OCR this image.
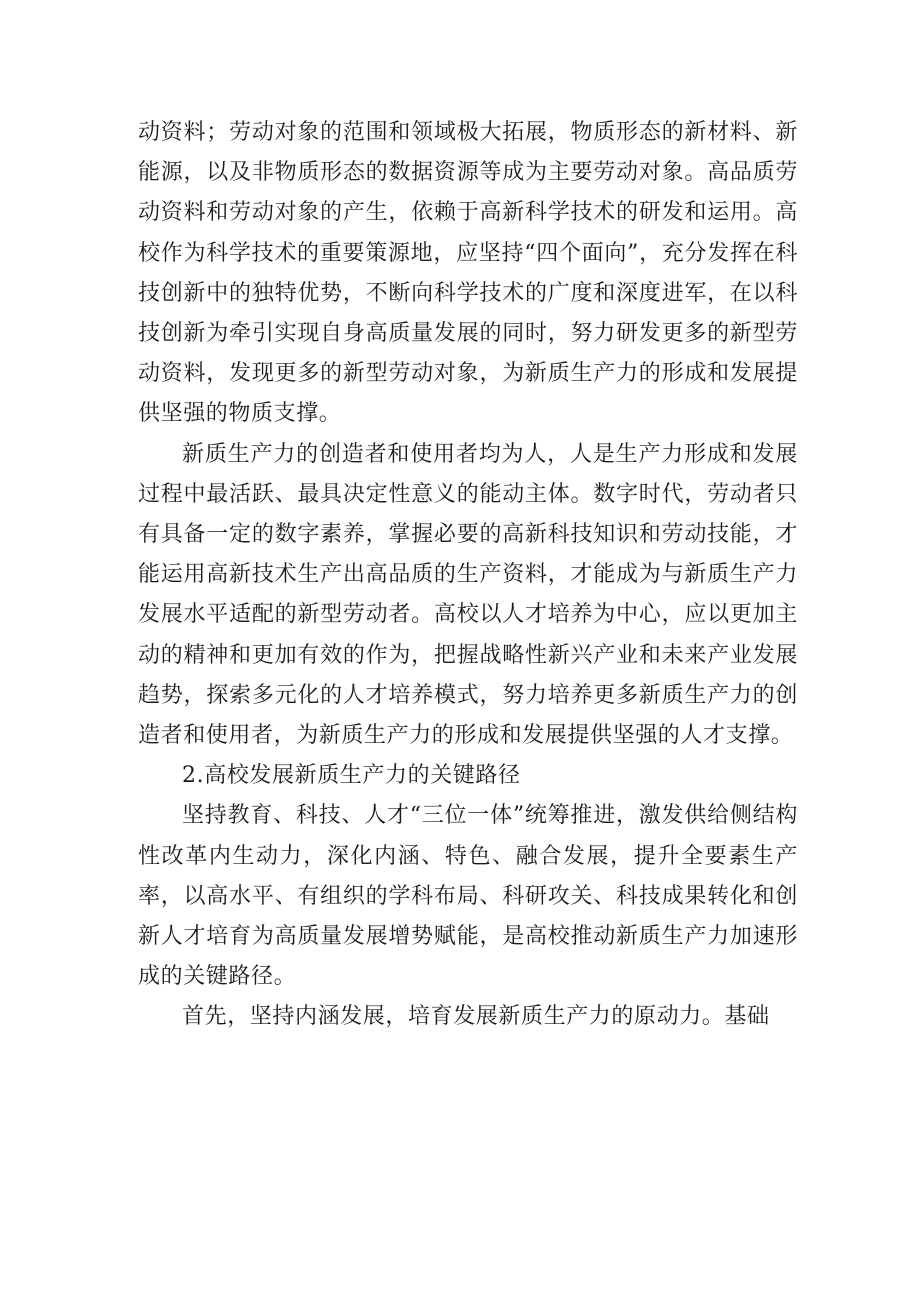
动资料；劳动对象的范围和领域极大拓展，物质形态的新材料、新能源，以及非物质形态的数据资源等成为主要劳动对象。高品质劳动资料和劳动对象的产生，依赖于高新科学技术的研发和运用。高校作为科学技术的重要策源地，应坚持“四个面向”，充分发挥在科技创新中的独特优势，不断向科学技术的广度和深度进军，在以科技创新为牵引实现自身高质量发展的同时，努力研发更多的新型劳动资料，发现更多的新型劳动对象，为新质生产力的形成和发展提供坚强的物质支撑。

新质生产力的创造者和使用者均为人，人是生产力形成和发展过程中最活跃、最具决定性意义的能动主体。数字时代，劳动者只有具备一定的数字素养，掌握必要的高新科技知识和劳动技能，才能运用高新技术生产出高品质的生产资料，才能成为与新质生产力发展水平适配的新型劳动者。高校以人才培养为中心，应以更加主动的精神和更加有效的作为，把握战略性新兴产业和未来产业发展趋势，探索多元化的人才培养模式，努力培养更多新质生产力的创造者和使用者，为新质生产力的形成和发展提供坚强的人才支撑。

2.高校发展新质生产力的关键路径

坚持教育、科技、人才“三位一体”统筹推进，激发供给侧结构性改革内生动力，深化内涵、特色、融合发展，提升全要素生产率，以高水平、有组织的学科布局、科研攻关、科技成果转化和创新人才培育为高质量发展增势赋能，是高校推动新质生产力加速形成的关键路径。

首先，坚持内涵发展，培育发展新质生产力的原动力。基础
